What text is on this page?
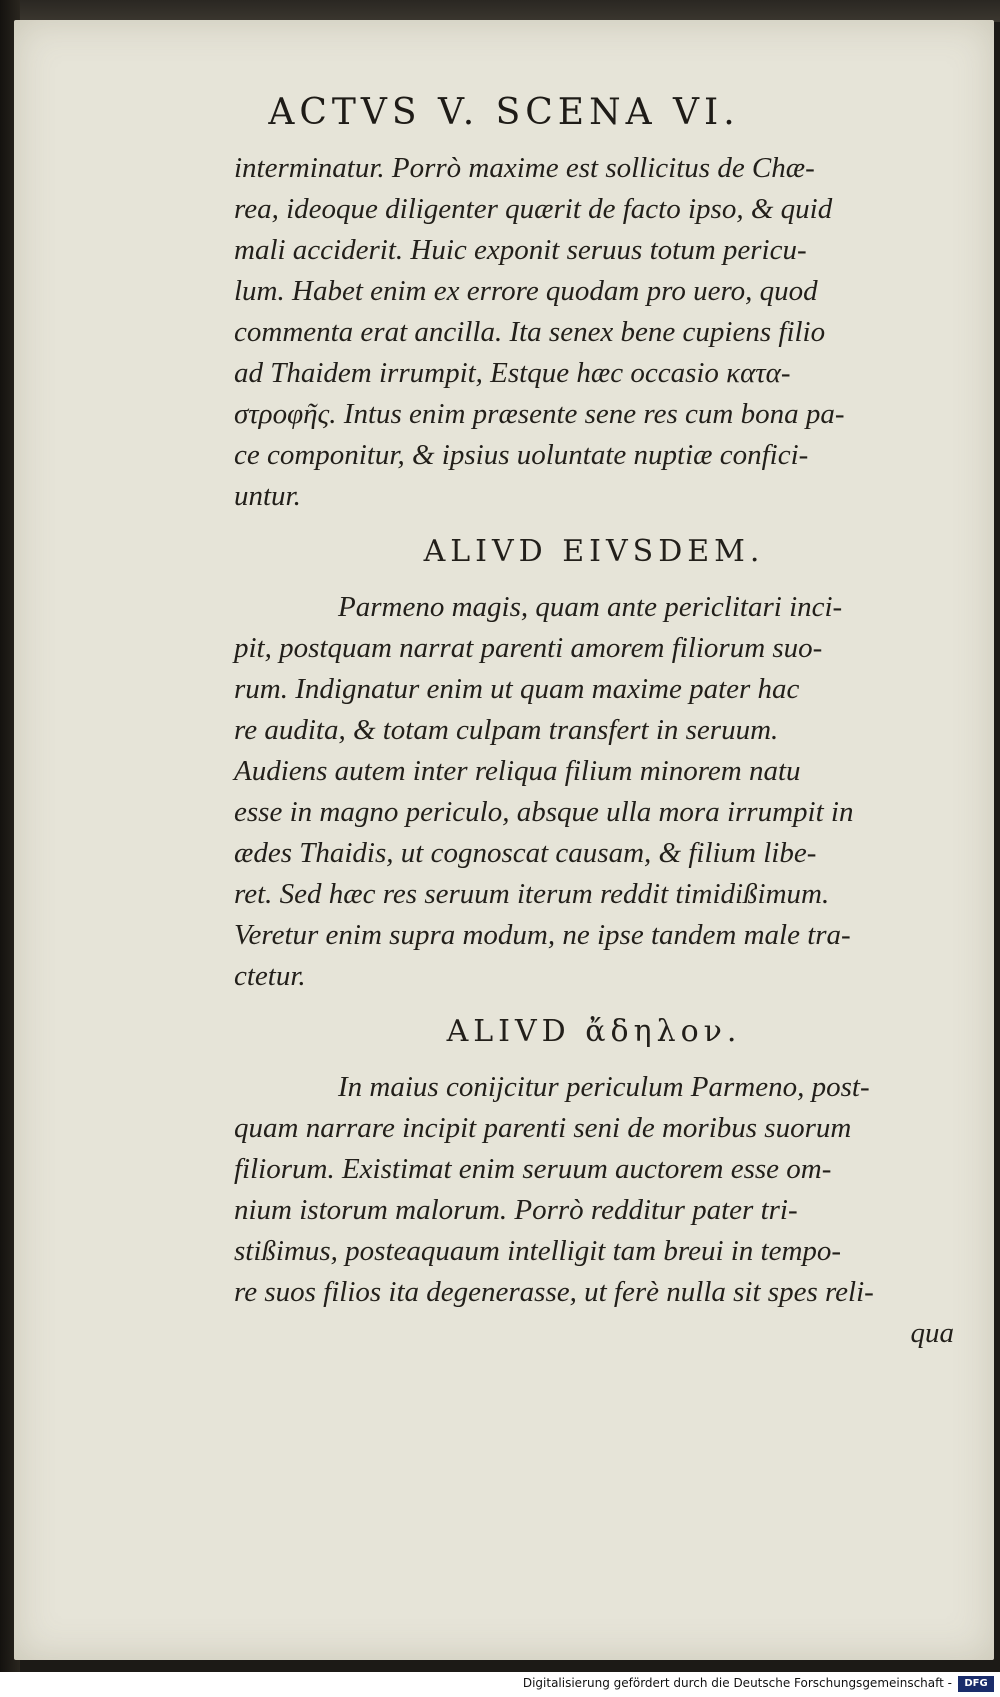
ACTVS V. SCENA VI.
interminatur. Porrò maxime est sollicitus de Chæ-
rea, ideoque diligenter quærit de facto ipso, & quid
mali acciderit. Huic exponit seruus totum pericu-
lum. Habet enim ex errore quodam pro uero, quod
commenta erat ancilla. Ita senex bene cupiens filio
ad Thaidem irrumpit, Estque hæc occasio κατα-
στροφῆς. Intus enim præsente sene res cum bona pa-
ce componitur, & ipsius uoluntate nuptiæ confici-
untur.
ALIVD EIVSDEM.
Parmeno magis, quam ante periclitari inci-
pit, postquam narrat parenti amorem filiorum suo-
rum. Indignatur enim ut quam maxime pater hac
re audita, & totam culpam transfert in seruum.
Audiens autem inter reliqua filium minorem natu
esse in magno periculo, absque ulla mora irrumpit in
ædes Thaidis, ut cognoscat causam, & filium libe-
ret. Sed hæc res seruum iterum reddit timidißimum.
Veretur enim supra modum, ne ipse tandem male tra-
ctetur.
ALIVD ἄδηλον.
In maius conijcitur periculum Parmeno, post-
quam narrare incipit parenti seni de moribus suorum
filiorum. Existimat enim seruum auctorem esse om-
nium istorum malorum. Porrò redditur pater tri-
stißimus, posteaquaum intelligit tam breui in tempo-
re suos filios ita degenerasse, ut ferè nulla sit spes reli-
qua
Digitalisierung gefördert durch die Deutsche Forschungsgemeinschaft -	DFG
